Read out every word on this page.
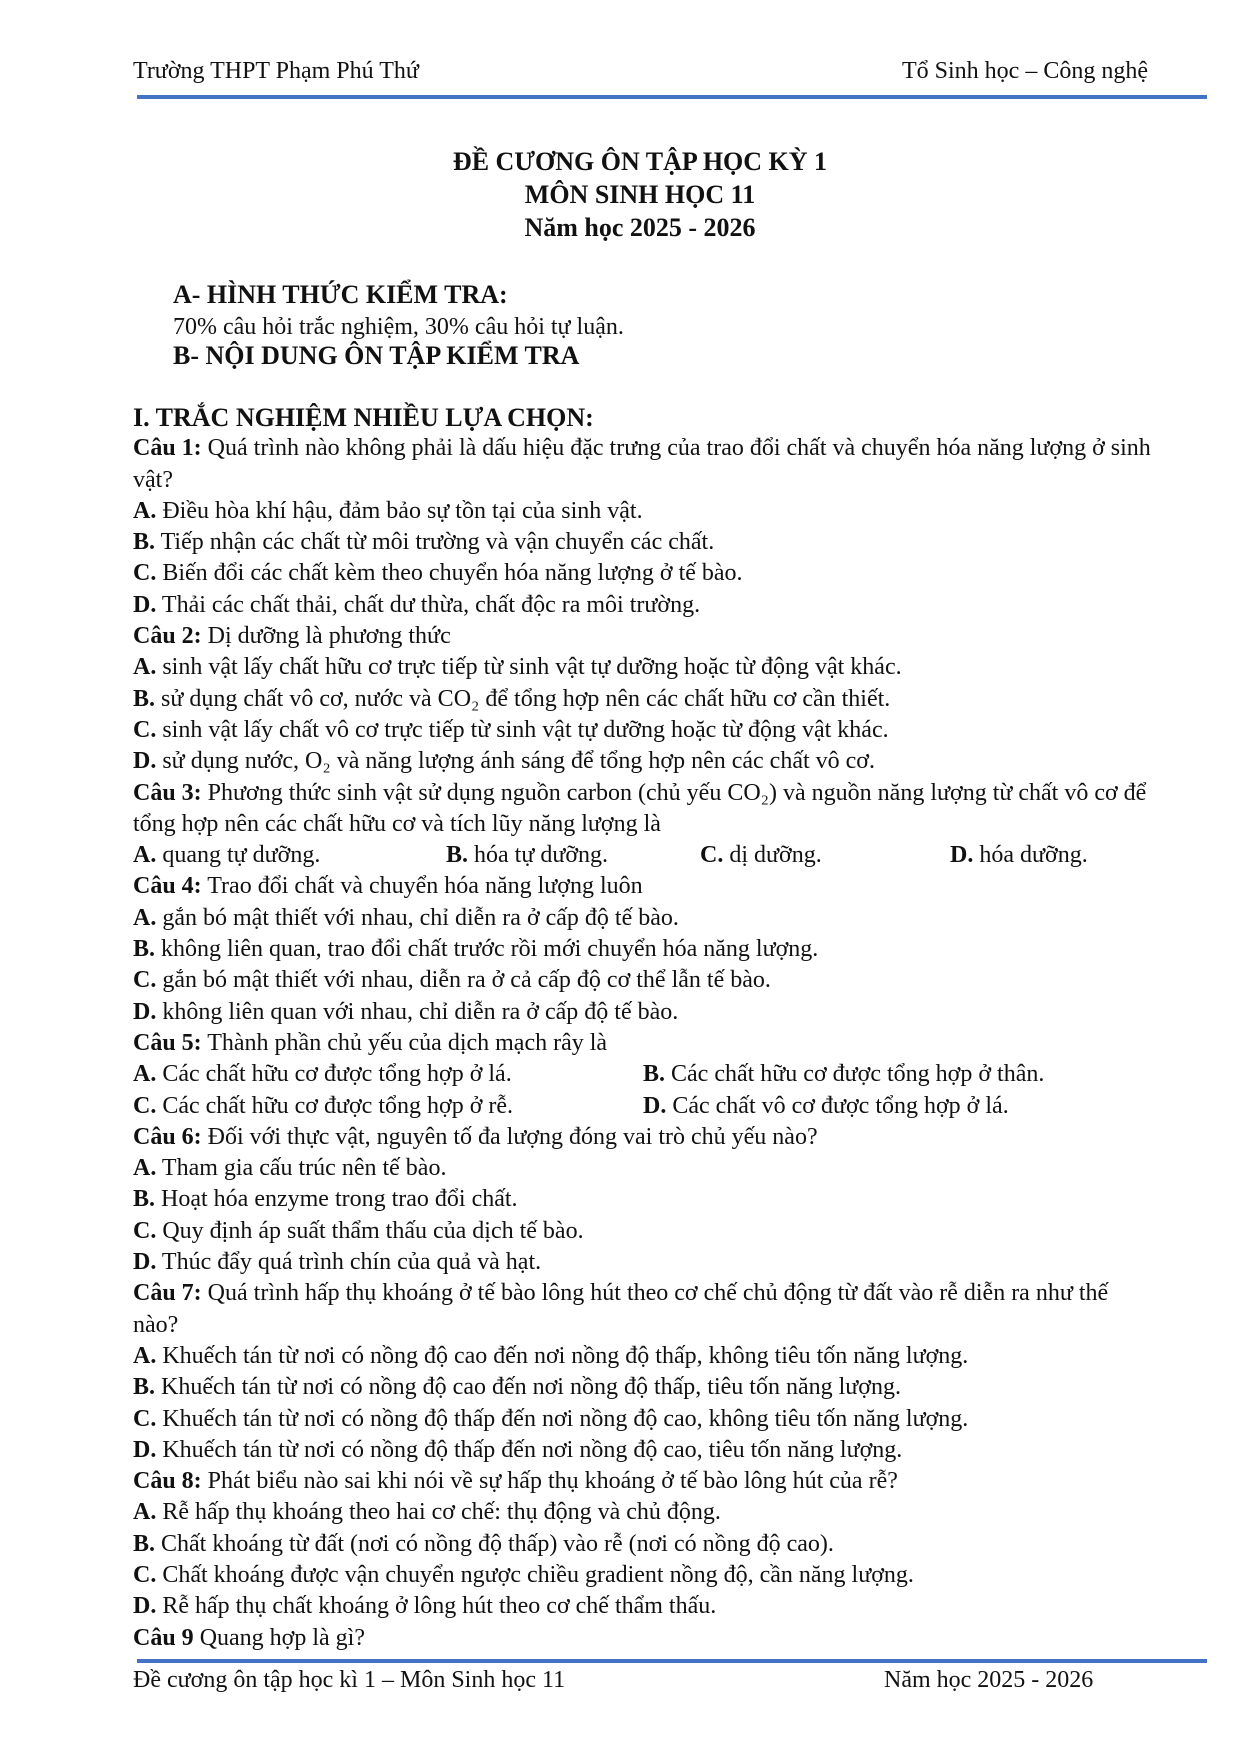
Trường THPT Phạm Phú Thứ	Tổ Sinh học – Công nghệ
ĐỀ CƯƠNG ÔN TẬP HỌC KỲ 1
MÔN SINH HỌC 11
Năm học 2025 - 2026
A- HÌNH THỨC KIỂM TRA:
70% câu hỏi trắc nghiệm, 30% câu hỏi tự luận.
B- NỘI DUNG ÔN TẬP KIỂM TRA
I. TRẮC NGHIỆM NHIỀU LỰA CHỌN:
Câu 1: Quá trình nào không phải là dấu hiệu đặc trưng của trao đổi chất và chuyển hóa năng lượng ở sinh vật?
A. Điều hòa khí hậu, đảm bảo sự tồn tại của sinh vật.
B. Tiếp nhận các chất từ môi trường và vận chuyển các chất.
C. Biến đổi các chất kèm theo chuyển hóa năng lượng ở tế bào.
D. Thải các chất thải, chất dư thừa, chất độc ra môi trường.
Câu 2: Dị dưỡng là phương thức
A. sinh vật lấy chất hữu cơ trực tiếp từ sinh vật tự dưỡng hoặc từ động vật khác.
B. sử dụng chất vô cơ, nước và CO₂ để tổng hợp nên các chất hữu cơ cần thiết.
C. sinh vật lấy chất vô cơ trực tiếp từ sinh vật tự dưỡng hoặc từ động vật khác.
D. sử dụng nước, O₂ và năng lượng ánh sáng để tổng hợp nên các chất vô cơ.
Câu 3: Phương thức sinh vật sử dụng nguồn carbon (chủ yếu CO₂) và nguồn năng lượng từ chất vô cơ để tổng hợp nên các chất hữu cơ và tích lũy năng lượng là
A. quang tự dưỡng.	B. hóa tự dưỡng.	C. dị dưỡng.	D. hóa dưỡng.
Câu 4: Trao đổi chất và chuyển hóa năng lượng luôn
A. gắn bó mật thiết với nhau, chỉ diễn ra ở cấp độ tế bào.
B. không liên quan, trao đổi chất trước rồi mới chuyển hóa năng lượng.
C. gắn bó mật thiết với nhau, diễn ra ở cả cấp độ cơ thể lẫn tế bào.
D. không liên quan với nhau, chỉ diễn ra ở cấp độ tế bào.
Câu 5: Thành phần chủ yếu của dịch mạch rây là
A. Các chất hữu cơ được tổng hợp ở lá.	B. Các chất hữu cơ được tổng hợp ở thân.
C. Các chất hữu cơ được tổng hợp ở rễ.	D. Các chất vô cơ được tổng hợp ở lá.
Câu 6: Đối với thực vật, nguyên tố đa lượng đóng vai trò chủ yếu nào?
A. Tham gia cấu trúc nên tế bào.
B. Hoạt hóa enzyme trong trao đổi chất.
C. Quy định áp suất thẩm thấu của dịch tế bào.
D. Thúc đẩy quá trình chín của quả và hạt.
Câu 7: Quá trình hấp thụ khoáng ở tế bào lông hút theo cơ chế chủ động từ đất vào rễ diễn ra như thế nào?
A. Khuếch tán từ nơi có nồng độ cao đến nơi nồng độ thấp, không tiêu tốn năng lượng.
B. Khuếch tán từ nơi có nồng độ cao đến nơi nồng độ thấp, tiêu tốn năng lượng.
C. Khuếch tán từ nơi có nồng độ thấp đến nơi nồng độ cao, không tiêu tốn năng lượng.
D. Khuếch tán từ nơi có nồng độ thấp đến nơi nồng độ cao, tiêu tốn năng lượng.
Câu 8: Phát biểu nào sai khi nói về sự hấp thụ khoáng ở tế bào lông hút của rễ?
A. Rễ hấp thụ khoáng theo hai cơ chế: thụ động và chủ động.
B. Chất khoáng từ đất (nơi có nồng độ thấp) vào rễ (nơi có nồng độ cao).
C. Chất khoáng được vận chuyển ngược chiều gradient nồng độ, cần năng lượng.
D. Rễ hấp thụ chất khoáng ở lông hút theo cơ chế thẩm thấu.
Câu 9 Quang hợp là gì?
Đề cương ôn tập học kì 1 – Môn Sinh học 11	Năm học 2025 - 2026
